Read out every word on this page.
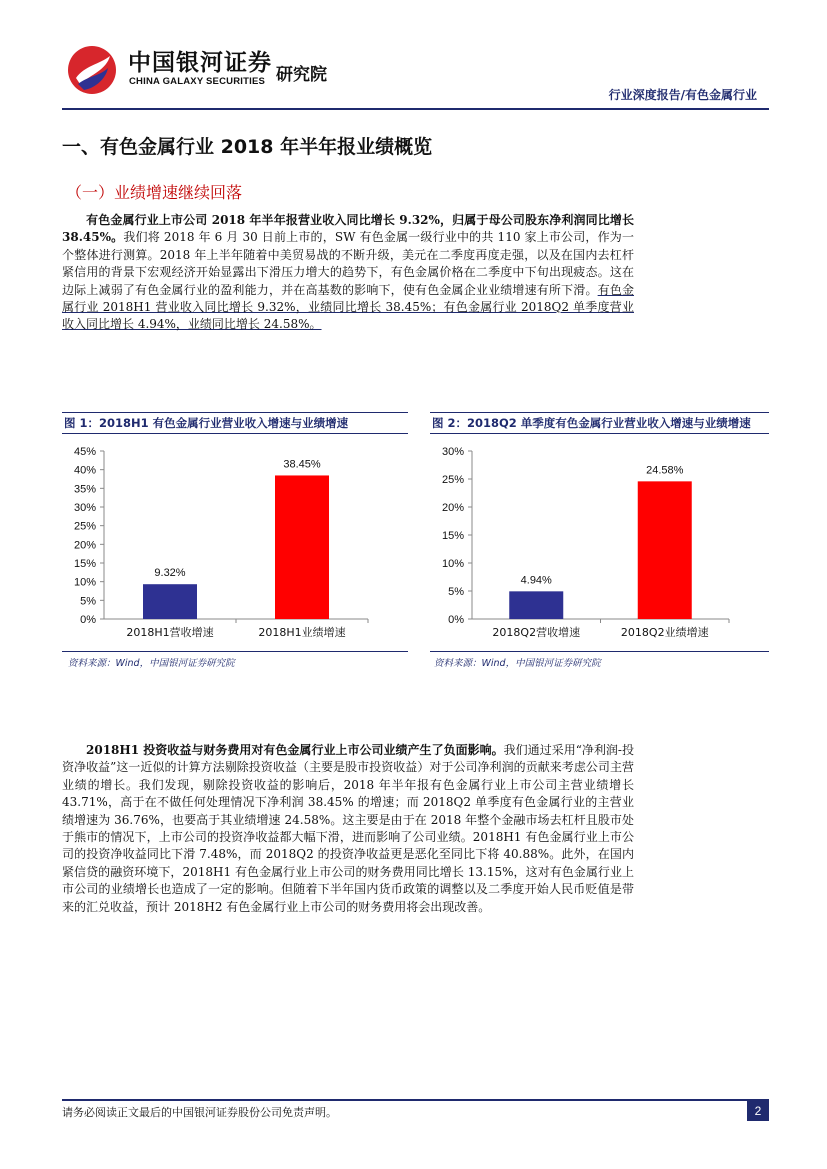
中国银河证券
CHINA GALAXY SECURITIES 研究院
行业深度报告/有色金属行业
一、有色金属行业 2018 年半年报业绩概览
（一）业绩增速继续回落
  有色金属行业上市公司 2018 年半年报营业收入同比增长 9.32%，归属于母公司股东净利润同比增长 38.45%。我们将 2018 年 6 月 30 日前上市的，SW 有色金属一级行业中的共 110 家上市公司，作为一个整体进行测算。2018 年上半年随着中美贸易战的不断升级，美元在二季度再度走强，以及在国内去杠杆紧信用的背景下宏观经济开始显露出下滑压力增大的趋势下，有色金属价格在二季度中下旬出现疲态。这在边际上减弱了有色金属行业的盈利能力，并在高基数的影响下，使有色金属企业业绩增速有所下滑。有色金属行业 2018H1 营业收入同比增长 9.32%，业绩同比增长 38.45%；有色金属行业 2018Q2 单季度营业收入同比增长 4.94%，业绩同比增长 24.58%。
图 1：2018H1 有色金属行业营业收入增速与业绩增速
0%
5%
10%
15%
20%
25%
30%
35%
40%
45%
9.32%
2018H1营收增速
38.45%
2018H1业绩增速
资料来源：Wind，中国银河证券研究院
图 2：2018Q2 单季度有色金属行业营业收入增速与业绩增速
0%
5%
10%
15%
20%
25%
30%
4.94%
2018Q2营收增速
24.58%
2018Q2业绩增速
资料来源：Wind，中国银河证券研究院
  2018H1 投资收益与财务费用对有色金属行业上市公司业绩产生了负面影响。我们通过采用“净利润-投资净收益”这一近似的计算方法剔除投资收益（主要是股市投资收益）对于公司净利润的贡献来考虑公司主营业绩的增长。我们发现，剔除投资收益的影响后，2018 年半年报有色金属行业上市公司主营业绩增长 43.71%，高于在不做任何处理情况下净利润 38.45% 的增速；而 2018Q2 单季度有色金属行业的主营业绩增速为 36.76%，也要高于其业绩增速 24.58%。这主要是由于在 2018 年整个金融市场去杠杆且股市处于熊市的情况下，上市公司的投资净收益都大幅下滑，进而影响了公司业绩。2018H1 有色金属行业上市公司的投资净收益同比下滑 7.48%，而 2018Q2 的投资净收益更是恶化至同比下将 40.88%。此外，在国内紧信贷的融资环境下，2018H1 有色金属行业上市公司的财务费用同比增长 13.15%，这对有色金属行业上市公司的业绩增长也造成了一定的影响。但随着下半年国内货币政策的调整以及二季度开始人民币贬值是带来的汇兑收益，预计 2018H2 有色金属行业上市公司的财务费用将会出现改善。
请务必阅读正文最后的中国银河证券股份公司免责声明。	2
